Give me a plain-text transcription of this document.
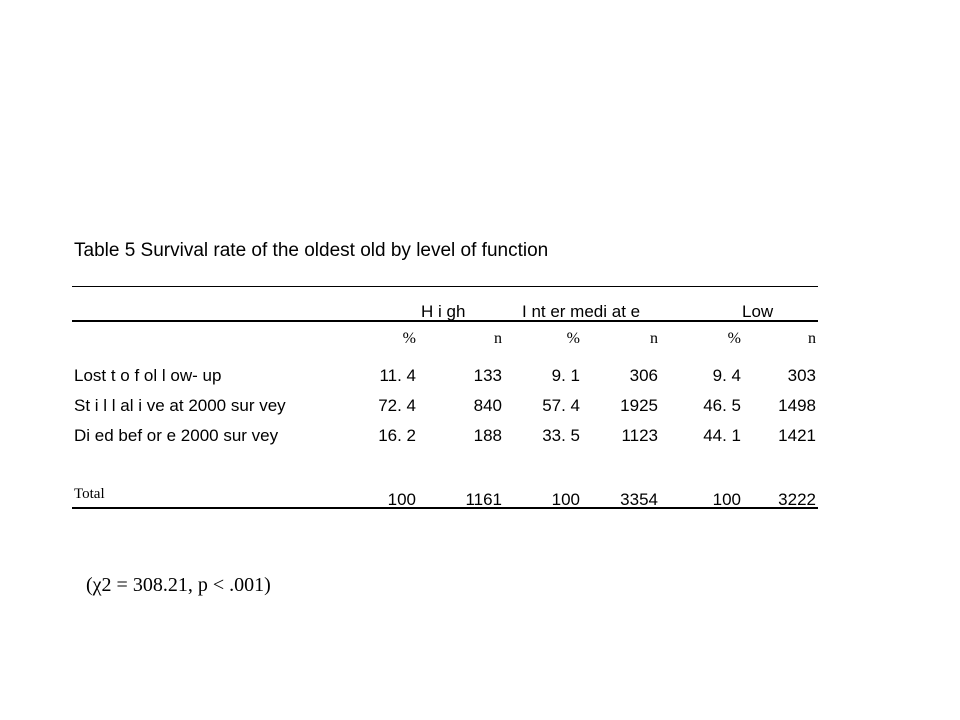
Table 5 Survival rate of the oldest old by level of function
H i gh	I nt er medi at e	Low
%	n	%	n	%	n
Lost t o f ol l ow- up	11. 4	133	9. 1	306	9. 4	303
St i l l al i ve at 2000 sur vey	72. 4	840	57. 4	1925	46. 5	1498
Di ed bef or e 2000 sur vey	16. 2	188	33. 5	1123	44. 1	1421
Total	100	1161	100	3354	100	3222
(χ2 = 308.21, p < .001)
